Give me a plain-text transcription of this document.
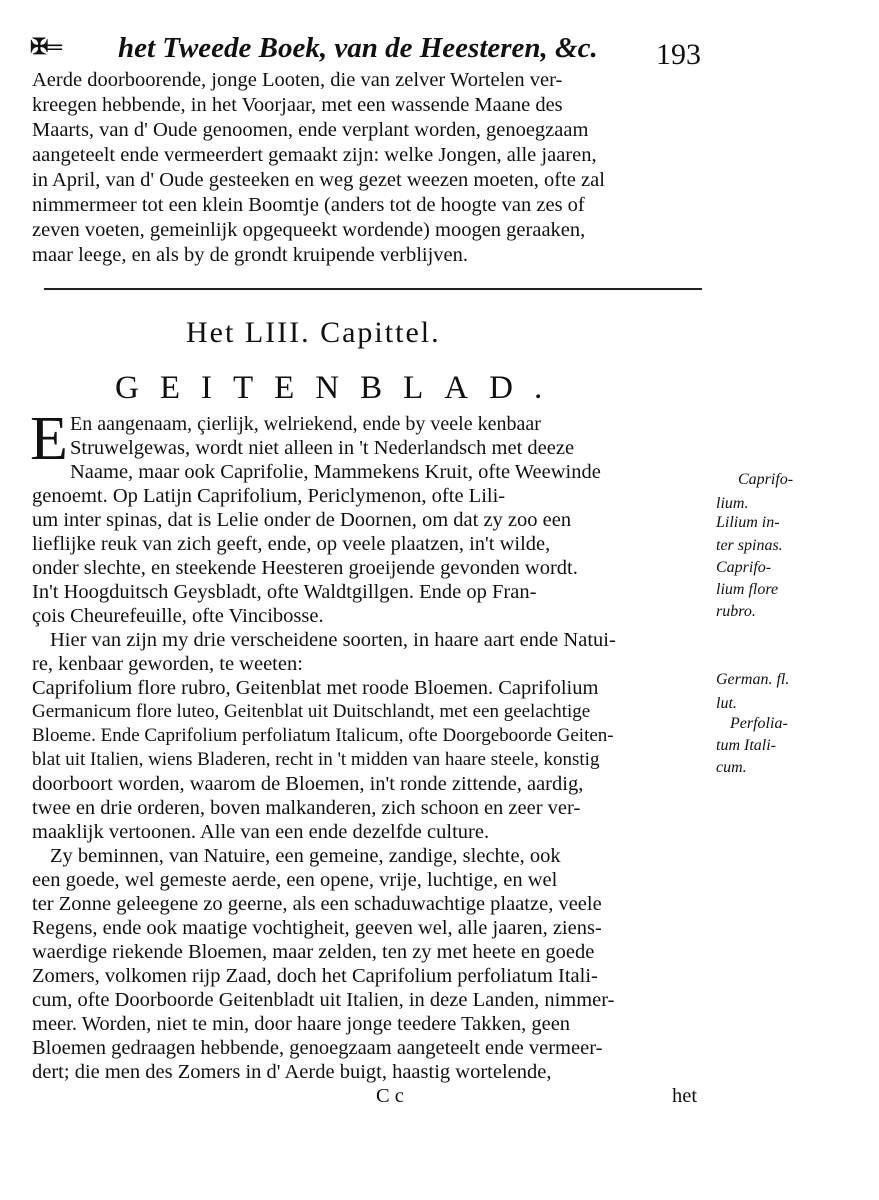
✠═ het Tweede Boek, van de Heesteren, &c. 193
Aerde doorboorende, jonge Looten, die van zelver Wortelen ver-
kreegen hebbende, in het Voorjaar, met een wassende Maane des
Maarts, van d' Oude genoomen, ende verplant worden, genoegzaam
aangeteelt ende vermeerdert gemaakt zijn: welke Jongen, alle jaaren,
in April, van d' Oude gesteeken en weg gezet weezen moeten, ofte zal
nimmermeer tot een klein Boomtje (anders tot de hoogte van zes of
zeven voeten, gemeinlijk opgequeekt wordende) moogen geraaken,
maar leege, en als by de grondt kruipende verblijven.
Het LIII. Capittel.
GEITENBLAD.
E En aangenaam, çierlijk, welriekend, ende by veele kenbaar
Struwelgewas, wordt niet alleen in 't Nederlandsch met deeze
Naame, maar ook Caprifolie, Mammekens Kruit, ofte Weewinde
genoemt. Op Latijn Caprifolium, Periclymenon, ofte Lili-
um inter spinas, dat is Lelie onder de Doornen, om dat zy zoo een
lieflijke reuk van zich geeft, ende, op veele plaatzen, in't wilde,
onder slechte, en steekende Heesteren groeijende gevonden wordt.
In't Hoogduitsch Geysbladt, ofte Waldtgillgen. Ende op Fran-
çois Cheurefeuille, ofte Vincibosse.
Hier van zijn my drie verscheidene soorten, in haare aart ende Natui-
re, kenbaar geworden, te weeten:
Caprifolium flore rubro, Geitenblat met roode Bloemen. Caprifolium
Germanicum flore luteo, Geitenblat uit Duitschlandt, met een geelachtige
Bloeme. Ende Caprifolium perfoliatum Italicum, ofte Doorgeboorde Geiten-
blat uit Italien, wiens Bladeren, recht in 't midden van haare steele, konstig
doorboort worden, waarom de Bloemen, in't ronde zittende, aardig,
twee en drie orderen, boven malkanderen, zich schoon en zeer ver-
maaklijk vertoonen. Alle van een ende dezelfde culture.
Zy beminnen, van Natuire, een gemeine, zandige, slechte, ook
een goede, wel gemeste aerde, een opene, vrije, luchtige, en wel
ter Zonne geleegene zo geerne, als een schaduwachtige plaatze, veele
Regens, ende ook maatige vochtigheit, geeven wel, alle jaaren, ziens-
waerdige riekende Bloemen, maar zelden, ten zy met heete en goede
Zomers, volkomen rijp Zaad, doch het Caprifolium perfoliatum Itali-
cum, ofte Doorboorde Geitenbladt uit Italien, in deze Landen, nimmer-
meer. Worden, niet te min, door haare jonge teedere Takken, geen
Bloemen gedraagen hebbende, genoegzaam aangeteelt ende vermeer-
dert; die men des Zomers in d' Aerde buigt, haastig wortelende,
C c	het
Caprifo-
lium.
Lilium in-
ter spinas.
Caprifo-
lium flore
rubro.
German. fl.
lut.
Perfolia-
tum Itali-
cum.
